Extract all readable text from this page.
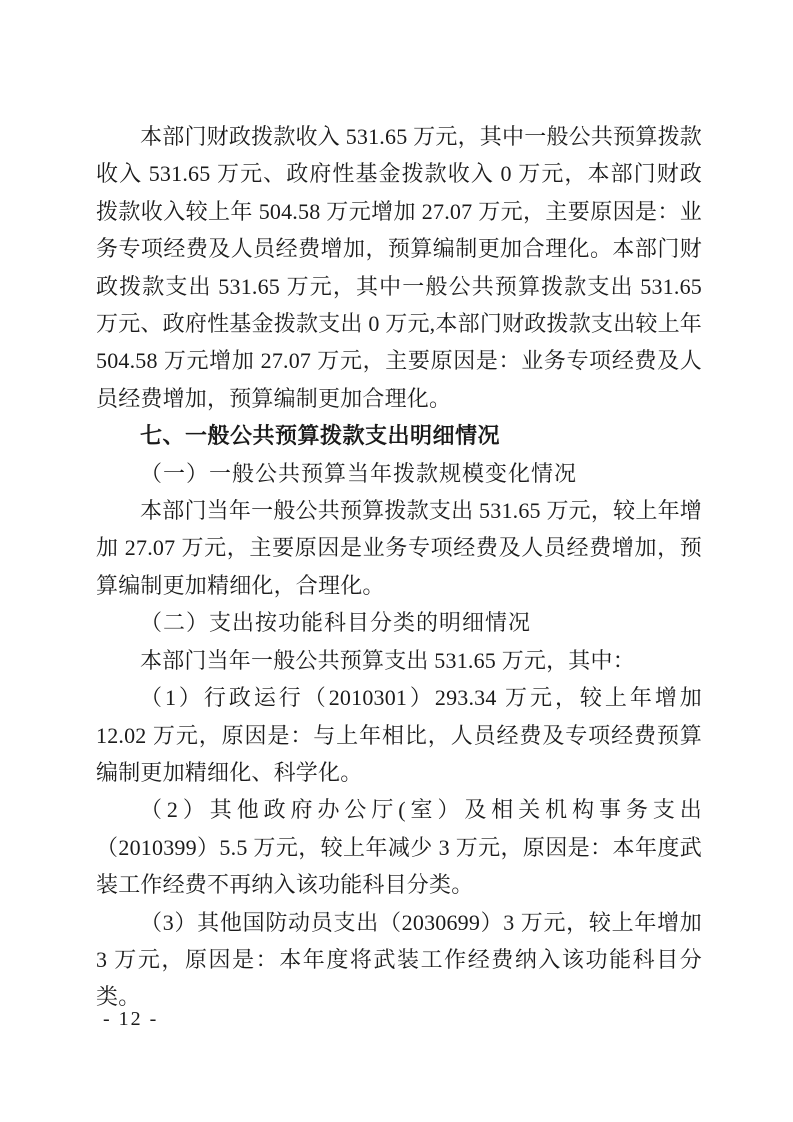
本部门财政拨款收入 531.65 万元，其中一般公共预算拨款收入 531.65 万元、政府性基金拨款收入 0 万元，本部门财政拨款收入较上年 504.58 万元增加 27.07 万元，主要原因是：业务专项经费及人员经费增加，预算编制更加合理化。本部门财政拨款支出 531.65 万元，其中一般公共预算拨款支出 531.65 万元、政府性基金拨款支出 0 万元,本部门财政拨款支出较上年 504.58 万元增加 27.07 万元，主要原因是：业务专项经费及人员经费增加，预算编制更加合理化。

七、一般公共预算拨款支出明细情况

（一）一般公共预算当年拨款规模变化情况

本部门当年一般公共预算拨款支出 531.65 万元，较上年增加 27.07 万元，主要原因是业务专项经费及人员经费增加，预算编制更加精细化，合理化。

（二）支出按功能科目分类的明细情况

本部门当年一般公共预算支出 531.65 万元，其中：

（1）行政运行（2010301）293.34 万元，较上年增加 12.02 万元，原因是：与上年相比，人员经费及专项经费预算编制更加精细化、科学化。

（2）其他政府办公厅(室）及相关机构事务支出（2010399）5.5 万元，较上年减少 3 万元，原因是：本年度武装工作经费不再纳入该功能科目分类。

（3）其他国防动员支出（2030699）3 万元，较上年增加 3 万元，原因是：本年度将武装工作经费纳入该功能科目分类。

- 12 -
